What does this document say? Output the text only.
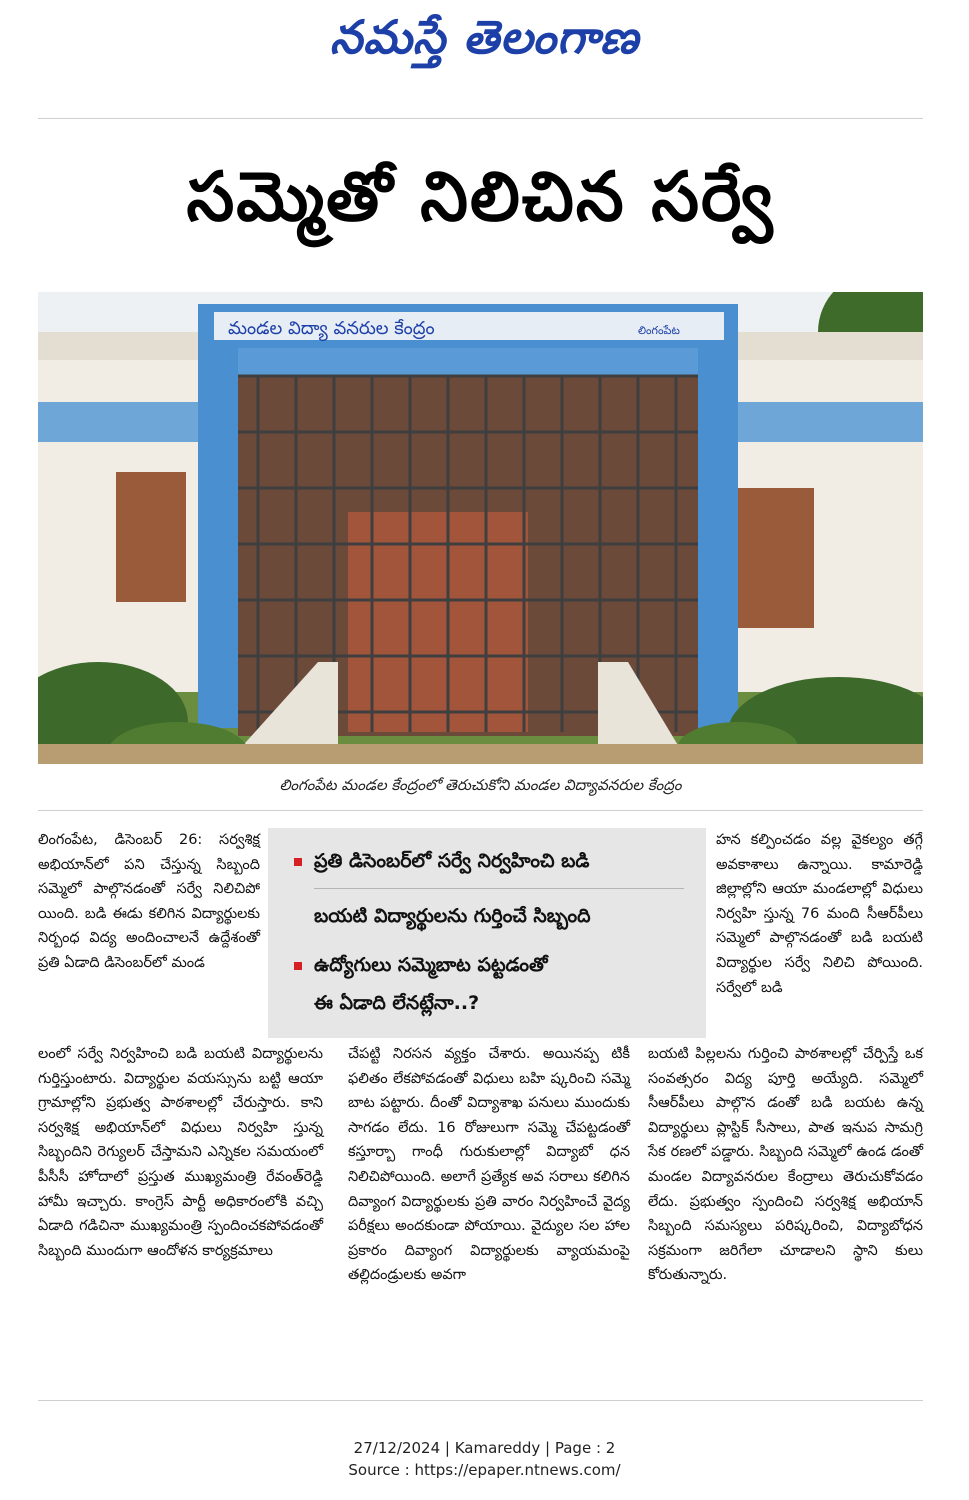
నమస్తే తెలంగాణ
సమ్మెతో నిలిచిన సర్వే
మండల విద్యా వనరుల కేంద్రం	లింగంపేట
లింగంపేట మండల కేంద్రంలో తెరుచుకోని మండల విద్యావనరుల కేంద్రం

లింగంపేట, డిసెంబర్ 26: సర్వశిక్ష అభియాన్‌లో పని చేస్తున్న సిబ్బంది సమ్మెలో పాల్గొనడంతో సర్వే నిలిచిపో యింది. బడి ఈడు కలిగిన విద్యార్థులకు నిర్బంధ విద్య అందించాలనే ఉద్దేశంతో ప్రతి ఏడాది డిసెంబర్‌లో మండ

లంలో సర్వే నిర్వహించి బడి బయటి విద్యార్థులను గుర్తిస్తుంటారు. విద్యార్థుల వయస్సును బట్టి ఆయా గ్రామాల్లోని ప్రభుత్వ పాఠశాలల్లో చేరుస్తారు. కాని సర్వశిక్ష అభియాన్‌లో విధులు నిర్వహి స్తున్న సిబ్బందిని రెగ్యులర్ చేస్తామని ఎన్నికల సమయంలో పీసీసీ హోదాలో ప్రస్తుత ముఖ్యమంత్రి రేవంత్‌రెడ్డి హామీ ఇచ్చారు. కాంగ్రెస్ పార్టీ అధికారంలోకి వచ్చి ఏడాది గడిచినా ముఖ్యమంత్రి స్పందించకపోవడంతో సిబ్బంది ముందుగా ఆందోళన కార్యక్రమాలు

ప్రతి డిసెంబర్‌లో సర్వే నిర్వహించి బడి
బయటి విద్యార్థులను గుర్తించే సిబ్బంది
ఉద్యోగులు సమ్మెబాట పట్టడంతో
ఈ ఏడాది లేనట్లేనా..?

చేపట్టి నిరసన వ్యక్తం చేశారు. అయినప్ప టికీ ఫలితం లేకపోవడంతో విధులు బహి ష్కరించి సమ్మె బాట పట్టారు. దీంతో విద్యాశాఖ పనులు ముందుకు సాగడం లేదు. 16 రోజులుగా సమ్మె చేపట్టడంతో కస్తూర్బా గాంధీ గురుకులాల్లో విద్యాబో ధన నిలిచిపోయింది. అలాగే ప్రత్యేక అవ సరాలు కలిగిన దివ్యాంగ విద్యార్థులకు ప్రతి వారం నిర్వహించే వైద్య పరీక్షలు అందకుండా పోయాయి. వైద్యుల సల హాల ప్రకారం దివ్యాంగ విద్యార్థులకు వ్యాయమంపై తల్లిదండ్రులకు అవగా

హన కల్పించడం వల్ల వైకల్యం తగ్గే అవకాశాలు ఉన్నాయి. కామారెడ్డి జిల్లాల్లోని ఆయా మండలాల్లో విధులు నిర్వహి స్తున్న 76 మంది సీఆర్‌పీలు సమ్మెలో పాల్గొనడంతో బడి బయటి విద్యార్థుల సర్వే నిలిచి పోయింది. సర్వేలో బడి

బయటి పిల్లలను గుర్తించి పాఠశాలల్లో చేర్పిస్తే ఒక సంవత్సరం విద్య పూర్తి అయ్యేది. సమ్మెలో సీఆర్‌పీలు పాల్గొన డంతో బడి బయట ఉన్న విద్యార్థులు ప్లాస్టిక్ సీసాలు, పాత ఇనుప సామగ్రి సేక రణలో పడ్డారు. సిబ్బంది సమ్మెలో ఉండ డంతో మండల విద్యావనరుల కేంద్రాలు తెరుచుకోవడం లేదు. ప్రభుత్వం స్పందించి సర్వశిక్ష అభియాన్ సిబ్బంది సమస్యలు పరిష్కరించి, విద్యాబోధన సక్రమంగా జరిగేలా చూడాలని స్థాని కులు కోరుతున్నారు.

27/12/2024 | Kamareddy | Page : 2
Source : https://epaper.ntnews.com/
